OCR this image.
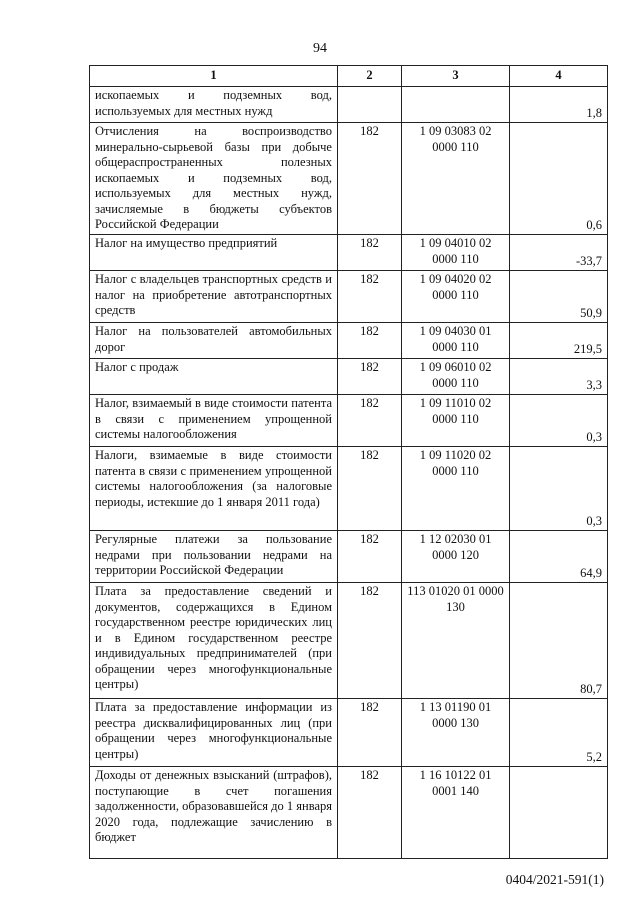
94
1	2	3	4
ископаемых и подземных вод, используемых для местных нужд			1,8
Отчисления на воспроизводство минерально-сырьевой базы при добыче общераспространенных полезных ископаемых и подземных вод, используемых для местных нужд, зачисляемые в бюджеты субъектов Российской Федерации	182	1 09 03083 02 0000 110	0,6
Налог на имущество предприятий	182	1 09 04010 02 0000 110	-33,7
Налог с владельцев транспортных средств и налог на приобретение автотранспортных средств	182	1 09 04020 02 0000 110	50,9
Налог на пользователей автомобильных дорог	182	1 09 04030 01 0000 110	219,5
Налог с продаж	182	1 09 06010 02 0000 110	3,3
Налог, взимаемый в виде стоимости патента в связи с применением упрощенной системы налогообложения	182	1 09 11010 02 0000 110	0,3
Налоги, взимаемые в виде стоимости патента в связи с применением упрощенной системы налогообложения (за налоговые периоды, истекшие до 1 января 2011 года)	182	1 09 11020 02 0000 110	0,3
Регулярные платежи за пользование недрами при пользовании недрами на территории Российской Федерации	182	1 12 02030 01 0000 120	64,9
Плата за предоставление сведений и документов, содержащихся в Едином государственном реестре юридических лиц и в Едином государственном реестре индивидуальных предпринимателей (при обращении через многофункциональные центры)	182	113 01020 01 0000 130	80,7
Плата за предоставление информации из реестра дисквалифицированных лиц (при обращении через многофункциональные центры)	182	1 13 01190 01 0000 130	5,2
Доходы от денежных взысканий (штрафов), поступающие в счет погашения задолженности, образовавшейся до 1 января 2020 года, подлежащие зачислению в бюджет	182	1 16 10122 01 0001 140	
0404/2021-591(1)
